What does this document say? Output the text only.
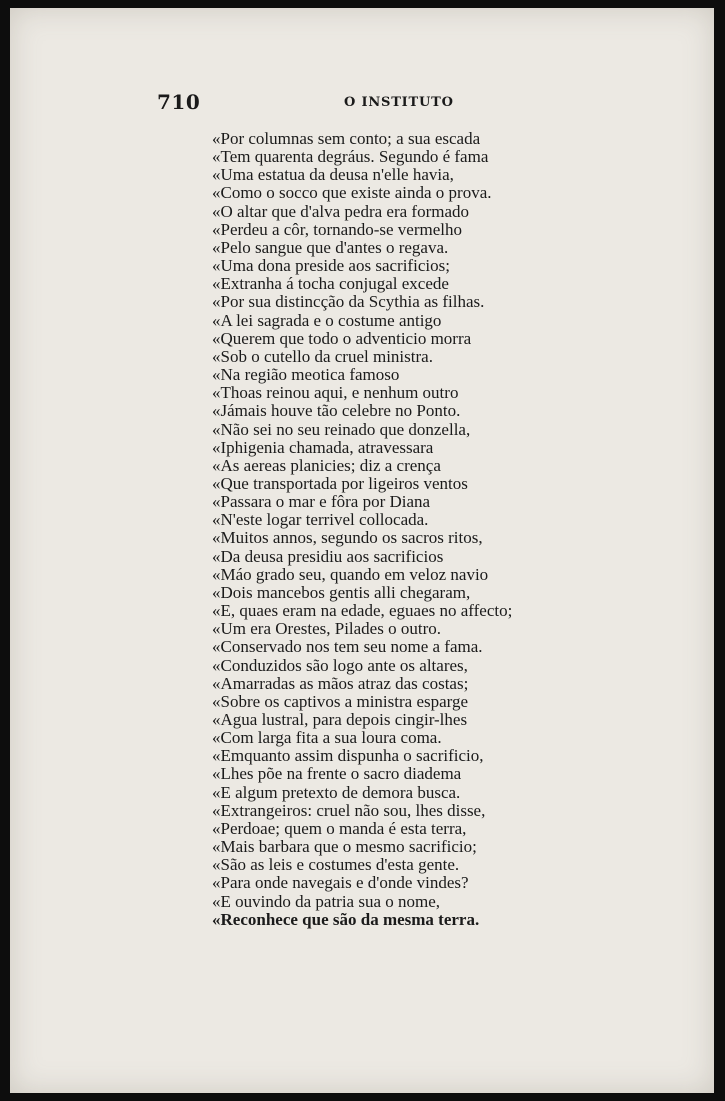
710	O INSTITUTO
«Por columnas sem conto; a sua escada
«Tem quarenta degráus. Segundo é fama
«Uma estatua da deusa n'elle havia,
«Como o socco que existe ainda o prova.
«O altar que d'alva pedra era formado
«Perdeu a côr, tornando-se vermelho
«Pelo sangue que d'antes o regava.
«Uma dona preside aos sacrificios;
«Extranha á tocha conjugal excede
«Por sua distincção da Scythia as filhas.
«A lei sagrada e o costume antigo
«Querem que todo o adventicio morra
«Sob o cutello da cruel ministra.
«Na região meotica famoso
«Thoas reinou aqui, e nenhum outro
«Jámais houve tão celebre no Ponto.
«Não sei no seu reinado que donzella,
«Iphigenia chamada, atravessara
«As aereas planicies; diz a crença
«Que transportada por ligeiros ventos
«Passara o mar e fôra por Diana
«N'este logar terrivel collocada.
«Muitos annos, segundo os sacros ritos,
«Da deusa presidiu aos sacrificios
«Máo grado seu, quando em veloz navio
«Dois mancebos gentis alli chegaram,
«E, quaes eram na edade, eguaes no affecto;
«Um era Orestes, Pilades o outro.
«Conservado nos tem seu nome a fama.
«Conduzidos são logo ante os altares,
«Amarradas as mãos atraz das costas;
«Sobre os captivos a ministra esparge
«Agua lustral, para depois cingir-lhes
«Com larga fita a sua loura coma.
«Emquanto assim dispunha o sacrificio,
«Lhes põe na frente o sacro diadema
«E algum pretexto de demora busca.
«Extrangeiros: cruel não sou, lhes disse,
«Perdoae; quem o manda é esta terra,
«Mais barbara que o mesmo sacrificio;
«São as leis e costumes d'esta gente.
«Para onde navegais e d'onde vindes?
«E ouvindo da patria sua o nome,
«Reconhece que são da mesma terra.
